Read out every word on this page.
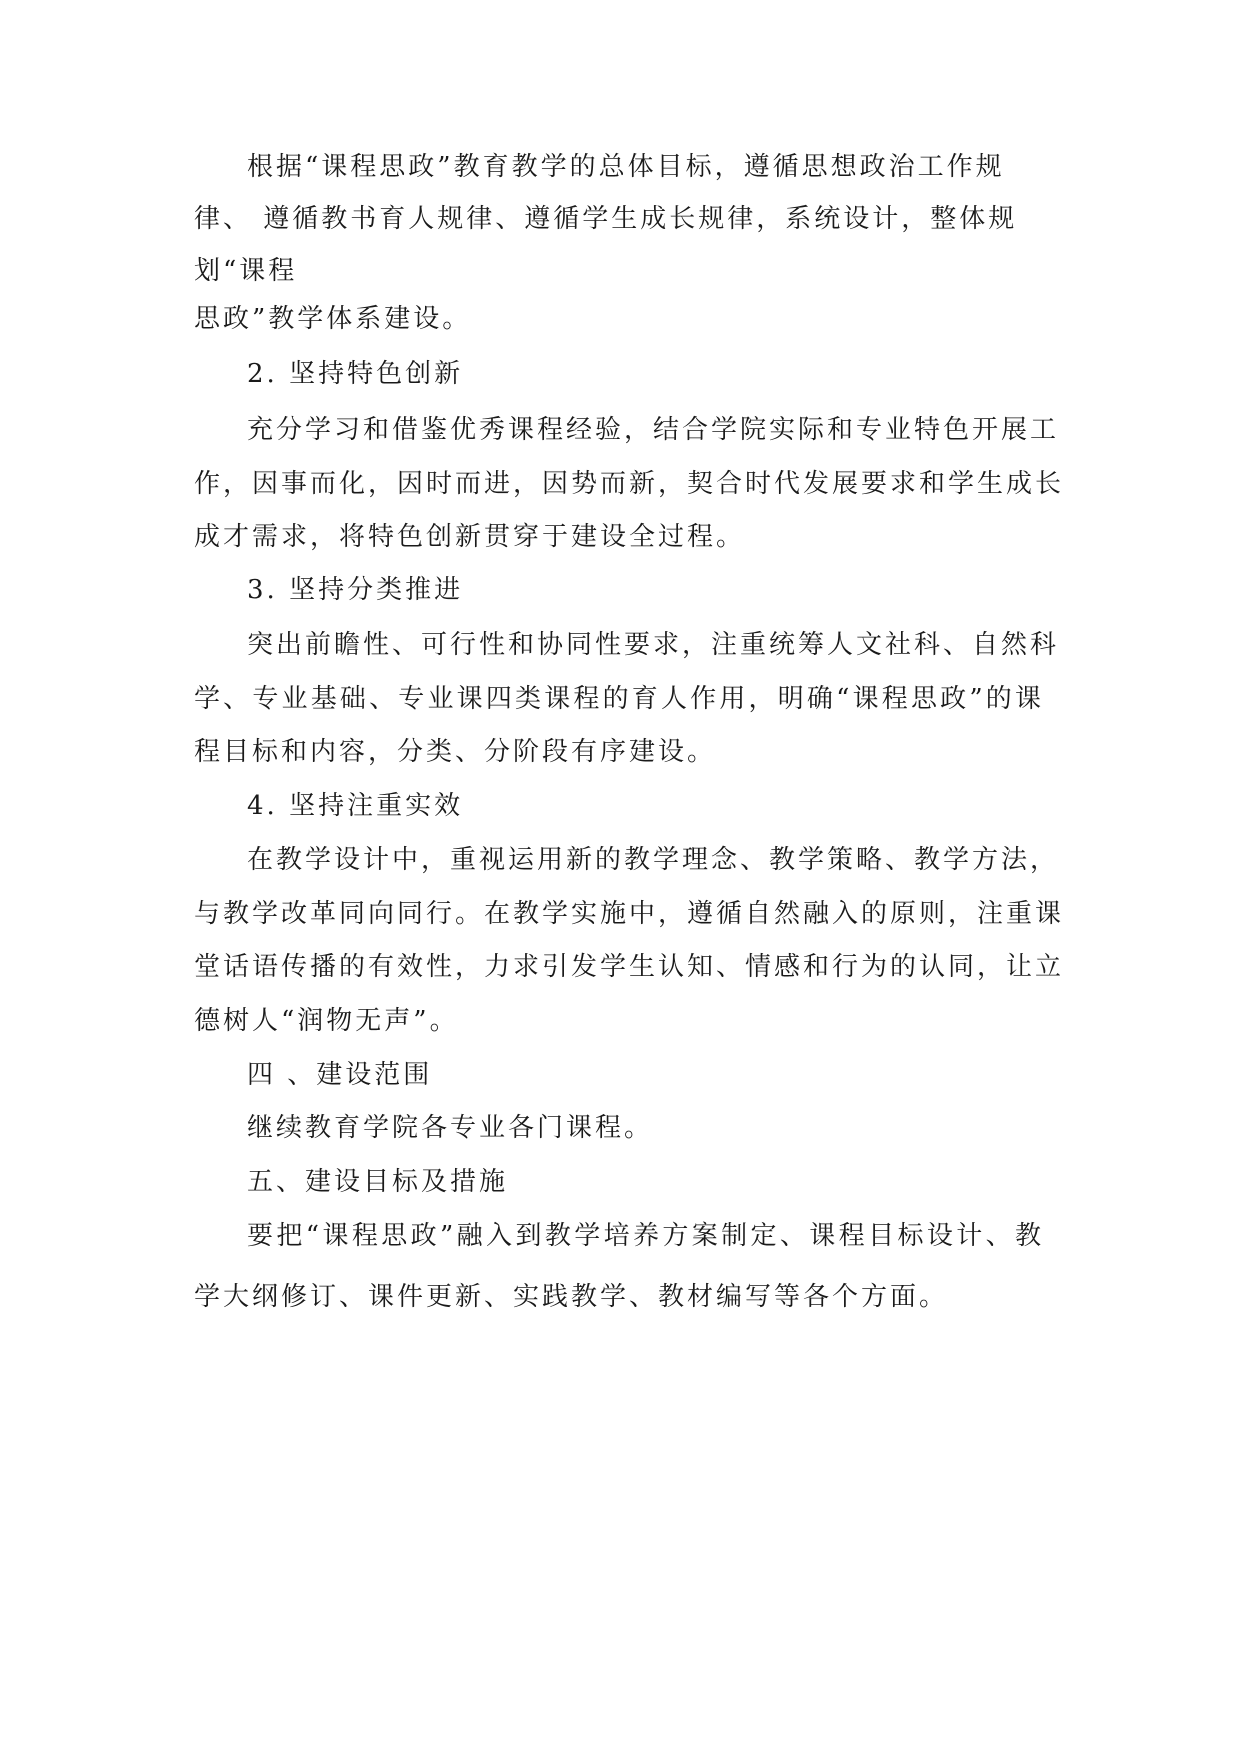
根据“课程思政”教育教学的总体目标，遵循思想政治工作规
律、 遵循教书育人规律、遵循学生成长规律，系统设计，整体规
划“课程
思政”教学体系建设。
2. 坚持特色创新
充分学习和借鉴优秀课程经验，结合学院实际和专业特色开展工
作，因事而化，因时而进，因势而新，契合时代发展要求和学生成长
成才需求，将特色创新贯穿于建设全过程。
3. 坚持分类推进
突出前瞻性、可行性和协同性要求，注重统筹人文社科、自然科
学、专业基础、专业课四类课程的育人作用，明确“课程思政”的课
程目标和内容，分类、分阶段有序建设。
4. 坚持注重实效
在教学设计中，重视运用新的教学理念、教学策略、教学方法，
与教学改革同向同行。在教学实施中，遵循自然融入的原则，注重课
堂话语传播的有效性，力求引发学生认知、情感和行为的认同，让立
德树人“润物无声”。
四 、建设范围
继续教育学院各专业各门课程。
五、建设目标及措施
要把“课程思政”融入到教学培养方案制定、课程目标设计、教
学大纲修订、课件更新、实践教学、教材编写等各个方面。
